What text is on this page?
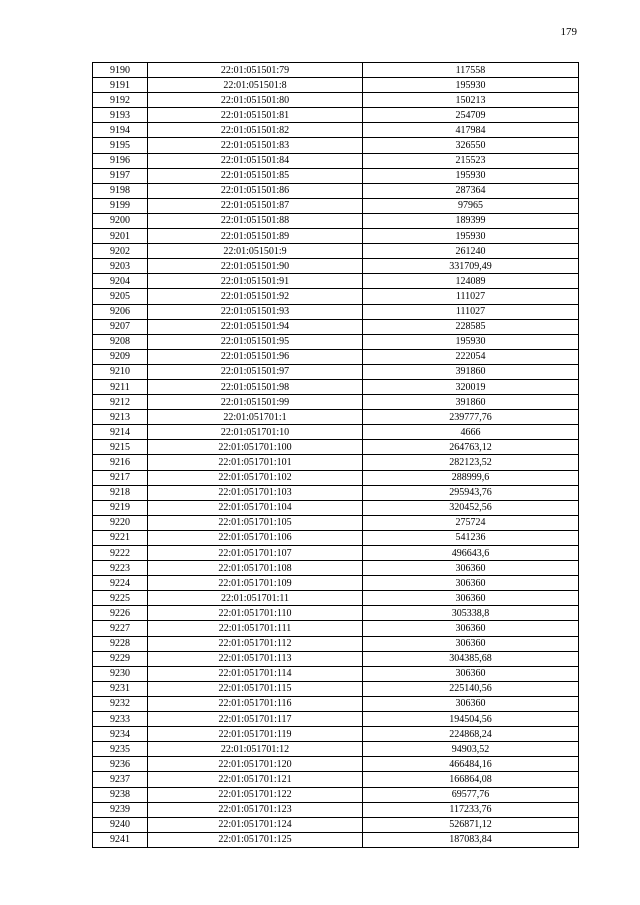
179
9190	22:01:051501:79	117558
9191	22:01:051501:8	195930
9192	22:01:051501:80	150213
9193	22:01:051501:81	254709
9194	22:01:051501:82	417984
9195	22:01:051501:83	326550
9196	22:01:051501:84	215523
9197	22:01:051501:85	195930
9198	22:01:051501:86	287364
9199	22:01:051501:87	97965
9200	22:01:051501:88	189399
9201	22:01:051501:89	195930
9202	22:01:051501:9	261240
9203	22:01:051501:90	331709,49
9204	22:01:051501:91	124089
9205	22:01:051501:92	111027
9206	22:01:051501:93	111027
9207	22:01:051501:94	228585
9208	22:01:051501:95	195930
9209	22:01:051501:96	222054
9210	22:01:051501:97	391860
9211	22:01:051501:98	320019
9212	22:01:051501:99	391860
9213	22:01:051701:1	239777,76
9214	22:01:051701:10	4666
9215	22:01:051701:100	264763,12
9216	22:01:051701:101	282123,52
9217	22:01:051701:102	288999,6
9218	22:01:051701:103	295943,76
9219	22:01:051701:104	320452,56
9220	22:01:051701:105	275724
9221	22:01:051701:106	541236
9222	22:01:051701:107	496643,6
9223	22:01:051701:108	306360
9224	22:01:051701:109	306360
9225	22:01:051701:11	306360
9226	22:01:051701:110	305338,8
9227	22:01:051701:111	306360
9228	22:01:051701:112	306360
9229	22:01:051701:113	304385,68
9230	22:01:051701:114	306360
9231	22:01:051701:115	225140,56
9232	22:01:051701:116	306360
9233	22:01:051701:117	194504,56
9234	22:01:051701:119	224868,24
9235	22:01:051701:12	94903,52
9236	22:01:051701:120	466484,16
9237	22:01:051701:121	166864,08
9238	22:01:051701:122	69577,76
9239	22:01:051701:123	117233,76
9240	22:01:051701:124	526871,12
9241	22:01:051701:125	187083,84
